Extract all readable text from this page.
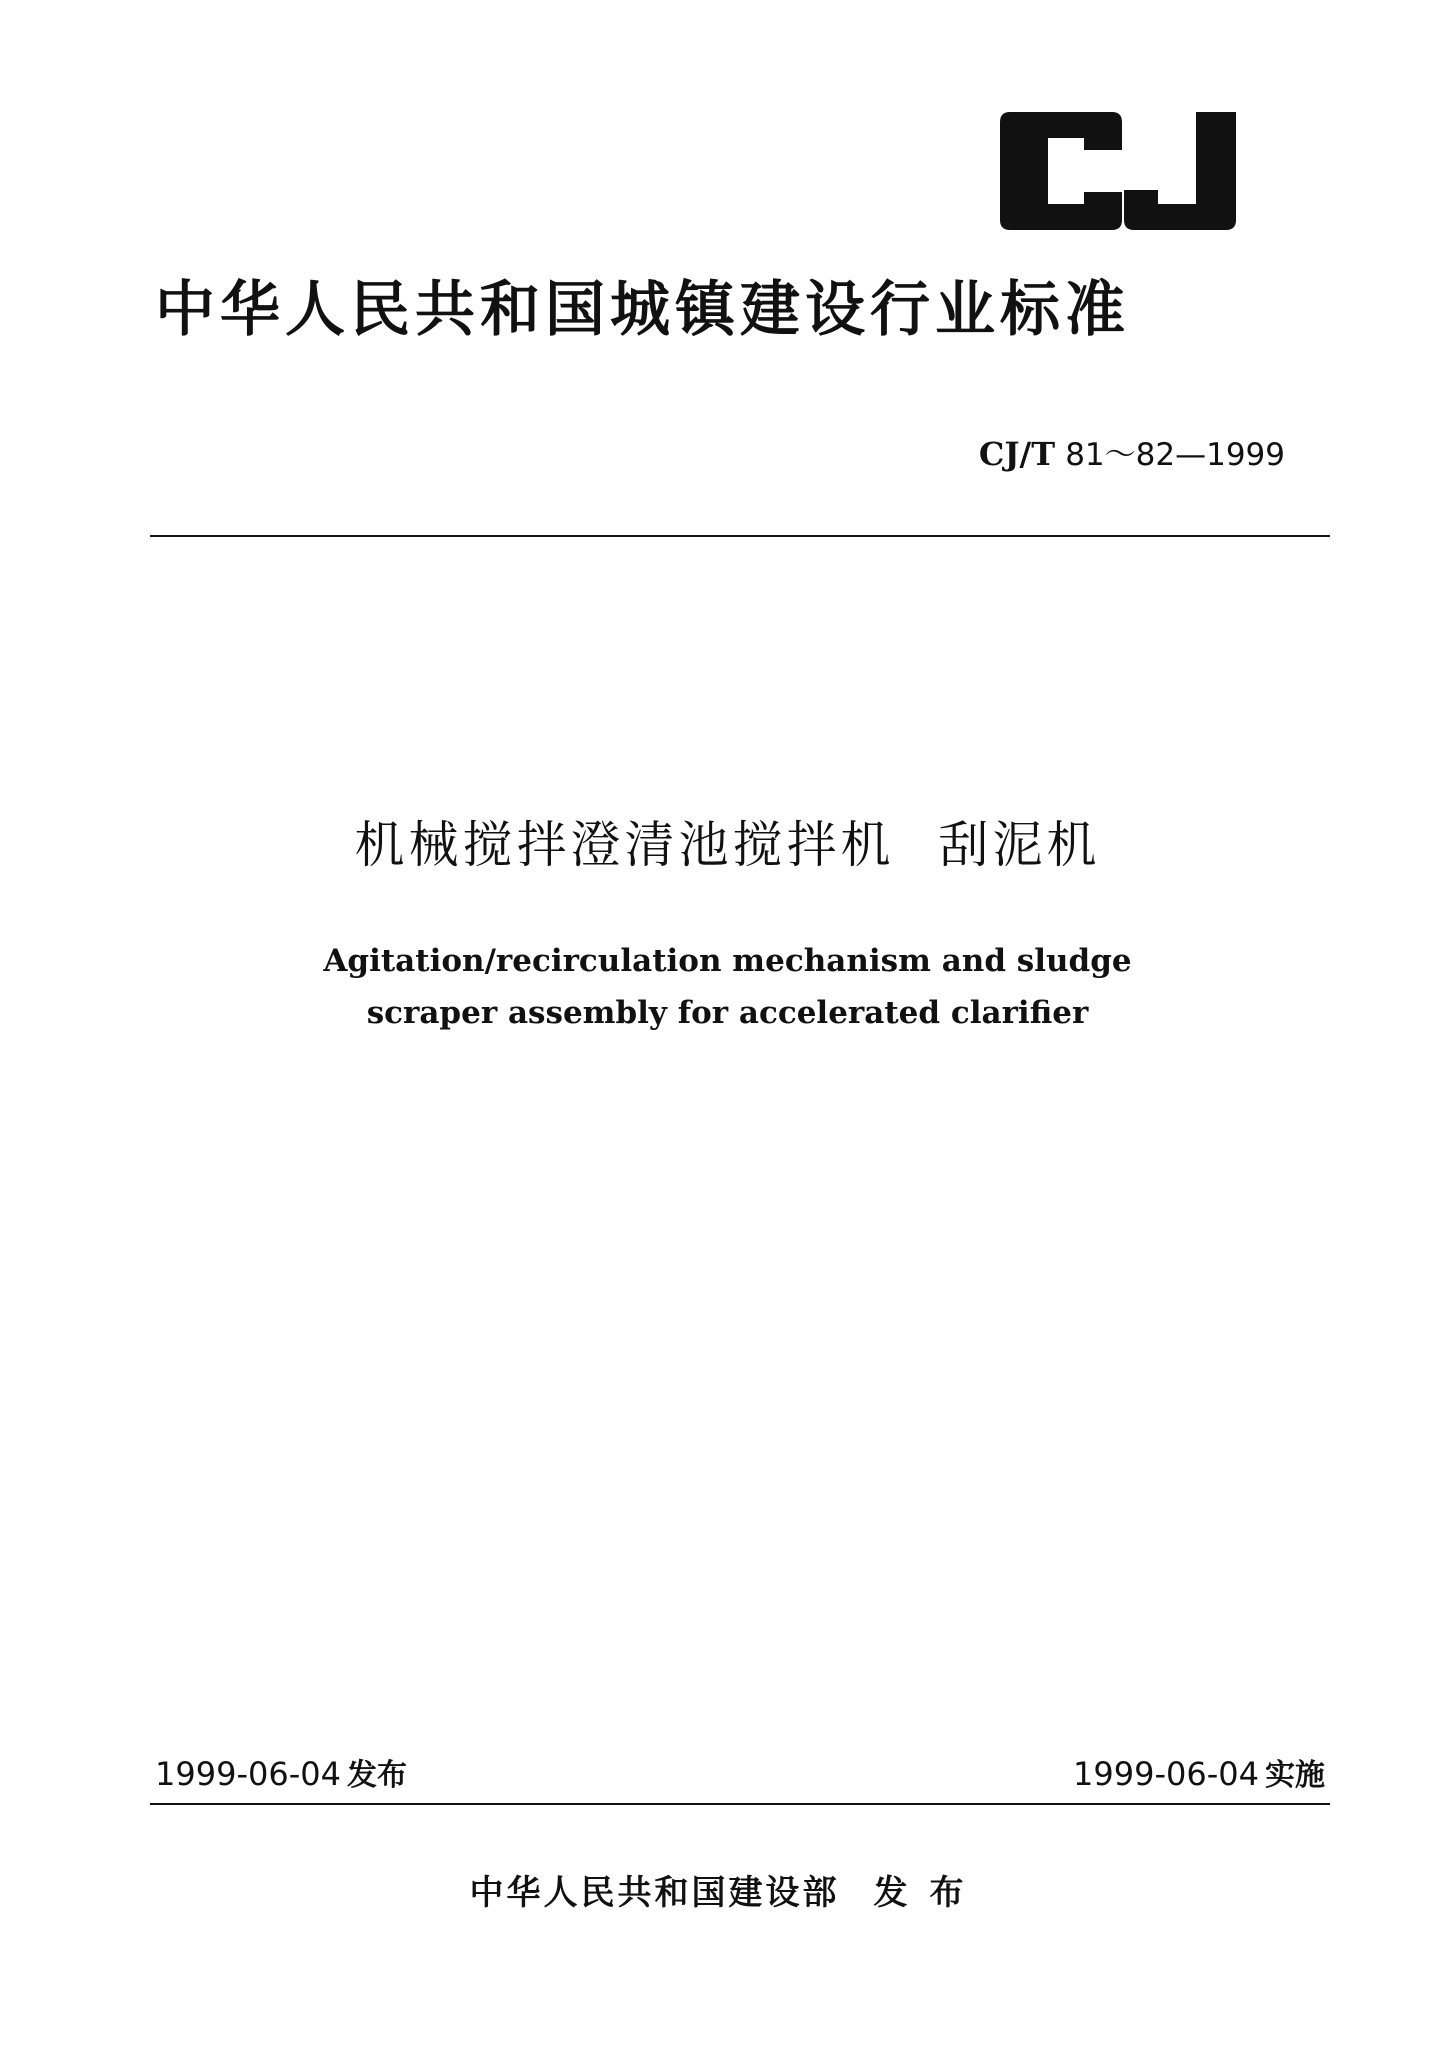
中华人民共和国城镇建设行业标准
CJ/T 81～82—1999
机械搅拌澄清池搅拌机 刮泥机
Agitation/recirculation mechanism and sludge
scraper assembly for accelerated clarifier
1999-06-04 发布	1999-06-04 实施
中华人民共和国建设部 发布
